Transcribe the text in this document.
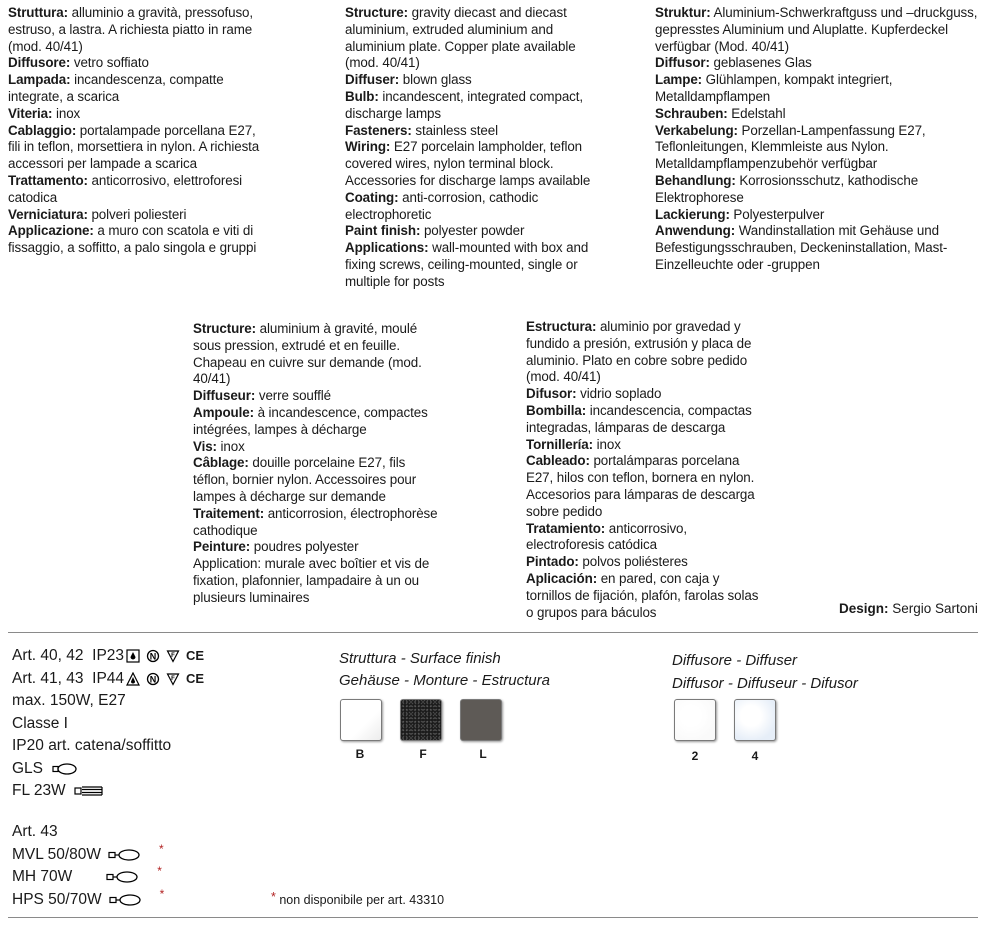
Struttura: alluminio a gravità, pressofuso, estruso, a lastra. A richiesta piatto in rame (mod. 40/41)

Diffusore: vetro soffiato

Lampada: incandescenza, compatte integrate, a scarica

Viteria: inox

Cablaggio: portalampade porcellana E27, fili in teflon, morsettiera in nylon. A richiesta accessori per lampade a scarica

Trattamento: anticorrosivo, elettroforesi catodica

Verniciatura: polveri poliesteri

Applicazione: a muro con scatola e viti di fissaggio, a soffitto, a palo singola e gruppi

Structure: gravity diecast and diecast aluminium, extruded aluminium and aluminium plate. Copper plate available (mod. 40/41)

Diffuser: blown glass

Bulb: incandescent, integrated compact, discharge lamps

Fasteners: stainless steel

Wiring: E27 porcelain lampholder, teflon covered wires, nylon terminal block. Accessories for discharge lamps available

Coating: anti-corrosion, cathodic electrophoretic

Paint finish: polyester powder

Applications: wall-mounted with box and fixing screws, ceiling-mounted, single or multiple for posts

Struktur: Aluminium-Schwerkraftguss und –druckguss, gepresstes Aluminium und Aluplatte. Kupferdeckel verfügbar (Mod. 40/41)

Diffusor: geblasenes Glas

Lampe: Glühlampen, kompakt integriert, Metalldampflampen

Schrauben: Edelstahl

Verkabelung: Porzellan-Lampenfassung E27, Teflonleitungen, Klemmleiste aus Nylon. Metalldampflampenzubehör verfügbar

Behandlung: Korrosionsschutz, kathodische Elektrophorese

Lackierung: Polyesterpulver

Anwendung: Wandinstallation mit Gehäuse und Befestigungsschrauben, Deckeninstallation, Mast-Einzelleuchte oder -gruppen

Structure: aluminium à gravité, moulé sous pression, extrudé et en feuille. Chapeau en cuivre sur demande (mod. 40/41)

Diffuseur: verre soufflé

Ampoule: à incandescence, compactes intégrées, lampes à décharge

Vis: inox

Câblage: douille porcelaine E27, fils téflon, bornier nylon. Accessoires pour lampes à décharge sur demande

Traitement: anticorrosion, électrophorèse cathodique

Peinture: poudres polyester

Application: murale avec boîtier et vis de fixation, plafonnier, lampadaire à un ou plusieurs luminaires

Estructura: aluminio por gravedad y fundido a presión, extrusión y placa de aluminio. Plato en cobre sobre pedido (mod. 40/41)

Difusor: vidrio soplado

Bombilla: incandescencia, compactas integradas, lámparas de descarga

Tornillería: inox

Cableado: portalámparas porcelana E27, hilos con teflon, bornera en nylon. Accesorios para lámparas de descarga sobre pedido

Tratamiento: anticorrosivo, electroforesis catódica

Pintado: polvos poliésteres

Aplicación: en pared, con caja y tornillos de fijación, plafón, farolas solas o grupos para báculos	Design: Sergio Sartoni
Art. 40, 42
IP23	N F CE
Art. 41, 43
IP44	N F CE
max. 150W, E27
Classe I
IP20 art. catena/soffitto
GLS
FL 23W
Art. 43
MVL 50/80W	*
MH 70W	*
HPS 50/70W	*
Struttura - Surface finish
Gehäuse - Monture - Estructura
B	F	L
Diffusore - Diffuser
Diffusor - Diffuseur - Difusor
2	4
* non disponibile per art. 43310
